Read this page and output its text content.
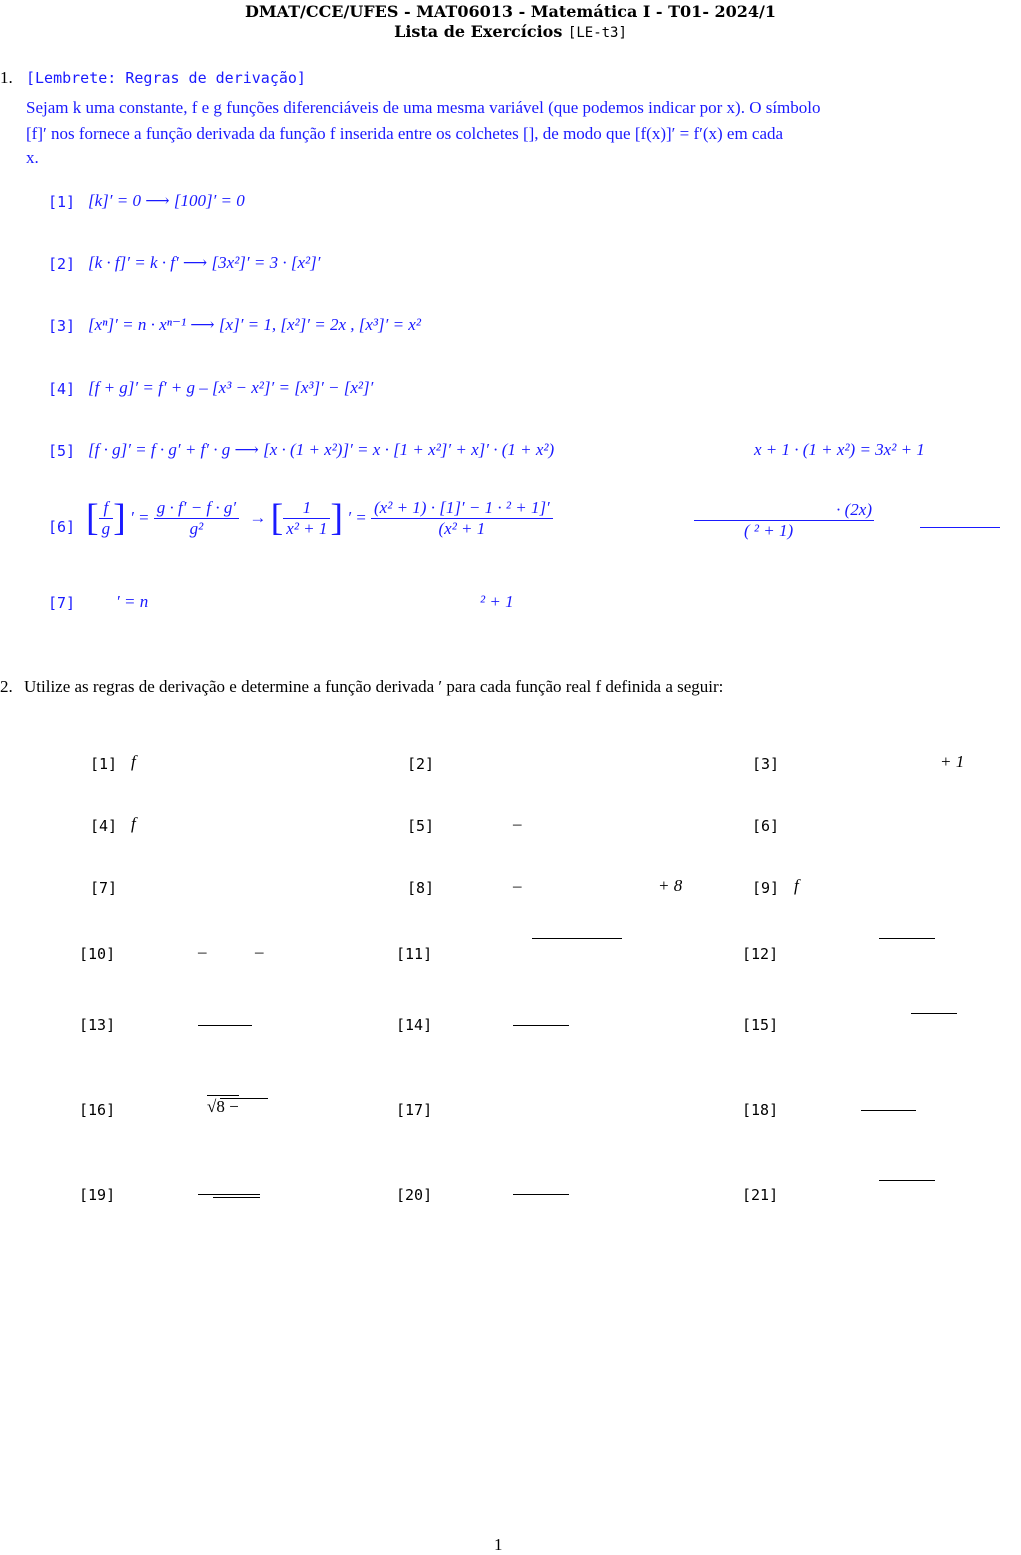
DMAT/CCE/UFES - MAT06013 - Matemática I - T01- 2024/1
Lista de Exercícios [LE-t3]
1. [Lembrete: Regras de derivação]
Sejam k uma constante, f e g funções diferenciáveis de uma mesma variável (que podemos indicar por x). O símbolo
[f]′ nos fornece a função derivada da função f inserida entre os colchetes [], de modo que [f(x)]′ = f′(x) em cada
x.
[1] [k]′ = 0 ⟶ [100]′ = 0
[2] [k · f]′ = k · f′ ⟶ [3x²]′ = 3 · [x²]′
[3] [xⁿ]′ = n · xⁿ⁻¹ ⟶ [x]′ = 1, [x²]′ = 2x , [x³]′ = x²
[4] [f + g]′ = f′ + g – [x³ − x²]′ = [x³]′ − [x²]′
[5] [f · g]′ = f · g′ + f′ · g ⟶ [x · (1 + x²)]′ = x · [1 + x²]′ + x]′ · (1 + x²)	x + 1 · (1 + x²) = 3x² + 1
[6] [ $\frac{f}{g}$ ] ′ = $\frac{g \cdot f' - f \cdot g'}{\text{g²}}$ → [ $\frac{1}{\text{x² + 1}}$ ] ′ = $\frac{\text{(x² + 1) · [1]′ − 1 · ² + 1]′}}{\text{(x² + 1}}$	$\frac{\cdot (2x)}{\text{( ² + 1)}}$
[7] ′ = n	² + 1
2. Utilize as regras de derivação e determine a função derivada ′ para cada função real f definida a seguir:
[1] f	[2]	[3]	+ 1
[4] f	[5]	–	[6]
[7]	[8]	–	+ 8	[9] f
[10]	–	–	[11]	[12]
[13]	[14]	[15]
[16]	√8 −	[17]	[18]
[19]	[20]	[21]
1
